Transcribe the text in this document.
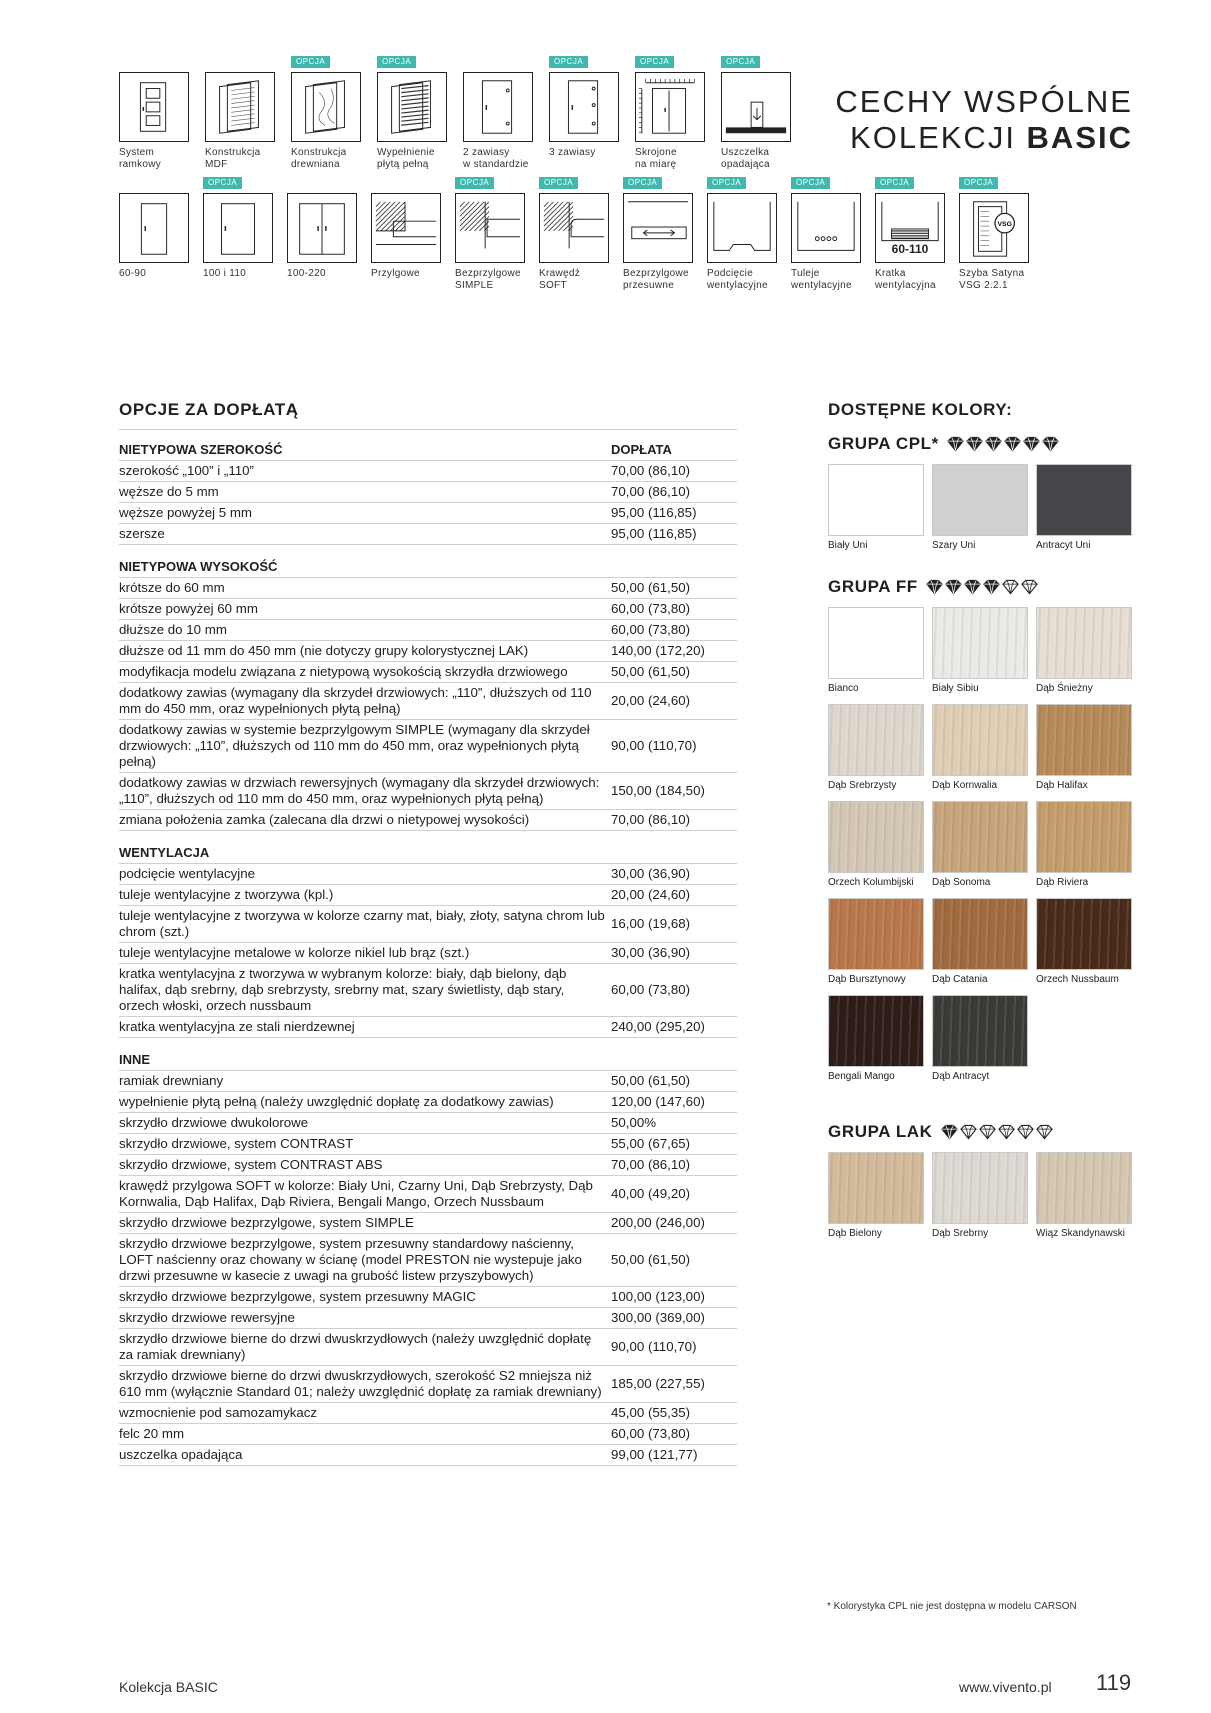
System
ramkowy
Konstrukcja
MDF
OPCJA
Konstrukcja
drewniana
OPCJA
Wypełnienie
płytą pełną
2 zawiasy
w standardzie
OPCJA
3 zawiasy
OPCJA
Skrojone
na miarę
OPCJA
Uszczelka
opadająca
60-90
OPCJA
100 i 110	100-220	Przylgowe
OPCJA
Bezprzylgowe
SIMPLE
OPCJA
Krawędź
SOFT
OPCJA
Bezprzylgowe
przesuwne
OPCJA
Podcięcie
wentylacyjne
OPCJA
Tuleje
wentylacyjne
OPCJA
60-110
Kratka
wentylacyjna
OPCJA
VSG
Szyba Satyna
VSG 2.2.1
CECHY WSPÓLNE
KOLEKCJI BASIC
OPCJE ZA DOPŁATĄ
NIETYPOWA SZEROKOŚĆ	DOPŁATA
szerokość „100” i „110”	70,00 (86,10)
węższe do 5 mm	70,00 (86,10)
węższe powyżej 5 mm	95,00 (116,85)
szersze	95,00 (116,85)
NIETYPOWA WYSOKOŚĆ	
krótsze do 60 mm	50,00 (61,50)
krótsze powyżej 60 mm	60,00 (73,80)
dłuższe do 10 mm	60,00 (73,80)
dłuższe od 11 mm do 450 mm (nie dotyczy grupy kolorystycznej LAK)	140,00 (172,20)
modyfikacja modelu związana z nietypową wysokością skrzydła drzwiowego	50,00 (61,50)
dodatkowy zawias (wymagany dla skrzydeł drzwiowych: „110”, dłuższych od 110 mm do 450 mm, oraz wypełnionych płytą pełną)	20,00 (24,60)
dodatkowy zawias w systemie bezprzylgowym SIMPLE (wymagany dla skrzydeł drzwiowych: „110”, dłuższych od 110 mm do 450 mm, oraz wypełnionych płytą pełną)	90,00 (110,70)
dodatkowy zawias w drzwiach rewersyjnych (wymagany dla skrzydeł drzwiowych: „110”, dłuższych od 110 mm do 450 mm, oraz wypełnionych płytą pełną)	150,00 (184,50)
zmiana położenia zamka (zalecana dla drzwi o nietypowej wysokości)	70,00 (86,10)
WENTYLACJA	
podcięcie wentylacyjne	30,00 (36,90)
tuleje wentylacyjne z tworzywa (kpl.)	20,00 (24,60)
tuleje wentylacyjne z tworzywa w kolorze czarny mat, biały, złoty, satyna chrom lub chrom (szt.)	16,00 (19,68)
tuleje wentylacyjne metalowe w kolorze nikiel lub brąz (szt.)	30,00 (36,90)
kratka wentylacyjna z tworzywa w wybranym kolorze: biały, dąb bielony, dąb halifax, dąb srebrny, dąb srebrzysty, srebrny mat, szary świetlisty, dąb stary, orzech włoski, orzech nussbaum	60,00 (73,80)
kratka wentylacyjna ze stali nierdzewnej	240,00 (295,20)
INNE	
ramiak drewniany	50,00 (61,50)
wypełnienie płytą pełną (należy uwzględnić dopłatę za dodatkowy zawias)	120,00 (147,60)
skrzydło drzwiowe dwukolorowe	50,00%
skrzydło drzwiowe, system CONTRAST	55,00 (67,65)
skrzydło drzwiowe, system CONTRAST ABS	70,00 (86,10)
krawędź przylgowa SOFT w kolorze: Biały Uni, Czarny Uni, Dąb Srebrzysty, Dąb Kornwalia, Dąb Halifax, Dąb Riviera, Bengali Mango, Orzech Nussbaum	40,00 (49,20)
skrzydło drzwiowe bezprzylgowe, system SIMPLE	200,00 (246,00)
skrzydło drzwiowe bezprzylgowe, system przesuwny standardowy naścienny, LOFT naścienny oraz chowany w ścianę (model PRESTON nie wystepuje jako drzwi przesuwne w kasecie z uwagi na grubość listew przyszybowych)	50,00 (61,50)
skrzydło drzwiowe bezprzylgowe, system przesuwny MAGIC	100,00 (123,00)
skrzydło drzwiowe rewersyjne	300,00 (369,00)
skrzydło drzwiowe bierne do drzwi dwuskrzydłowych (należy uwzględnić dopłatę za ramiak drewniany)	90,00 (110,70)
skrzydło drzwiowe bierne do drzwi dwuskrzydłowych, szerokość S2 mniejsza niż 610 mm (wyłącznie Standard 01; należy uwzględnić dopłatę za ramiak drewniany)	185,00 (227,55)
wzmocnienie pod samozamykacz	45,00 (55,35)
felc 20 mm	60,00 (73,80)
uszczelka opadająca	99,00 (121,77)
DOSTĘPNE KOLORY:
GRUPA CPL*
Biały Uni	Szary Uni	Antracyt Uni
GRUPA FF
Bianco	Biały Sibiu	Dąb Śnieżny
Dąb Srebrzysty	Dąb Kornwalia	Dąb Halifax
Orzech Kolumbijski	Dąb Sonoma	Dąb Riviera
Dąb Bursztynowy	Dąb Catania	Orzech Nussbaum
Bengali Mango	Dąb Antracyt
GRUPA LAK
Dąb Bielony	Dąb Srebrny	Wiąz Skandynawski
* Kolorystyka CPL nie jest dostępna w modelu CARSON
Kolekcja BASIC	www.vivento.pl 119
